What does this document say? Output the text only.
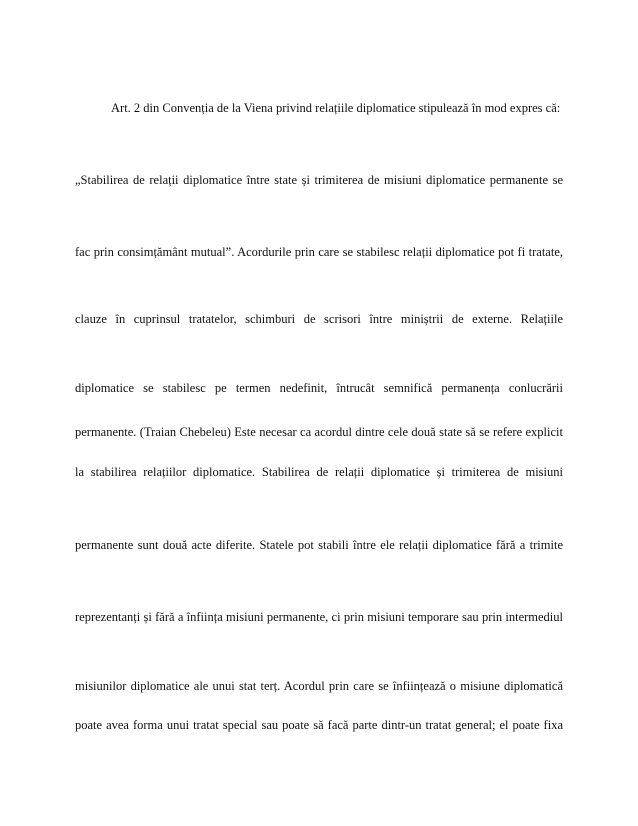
Art. 2 din Convenția de la Viena privind relațiile diplomatice stipulează în mod expres că:
„Stabilirea de relații diplomatice între state și trimiterea de misiuni diplomatice permanente se
fac prin consimțământ mutual”. Acordurile prin care se stabilesc relații diplomatice pot fi tratate,
clauze în cuprinsul tratatelor, schimburi de scrisori între miniștrii de externe. Relațiile
diplomatice se stabilesc pe termen nedefinit, întrucât semnifică permanența conlucrării
permanente. (Traian Chebeleu) Este necesar ca acordul dintre cele două state să se refere explicit
la stabilirea relațiilor diplomatice. Stabilirea de relații diplomatice și trimiterea de misiuni
permanente sunt două acte diferite. Statele pot stabili între ele relații diplomatice fără a trimite
reprezentanți și fără a înființa misiuni permanente, ci prin misiuni temporare sau prin intermediul
misiunilor diplomatice ale unui stat terț. Acordul prin care se înființează o misiune diplomatică
poate avea forma unui tratat special sau poate să facă parte dintr-un tratat general; el poate fixa
